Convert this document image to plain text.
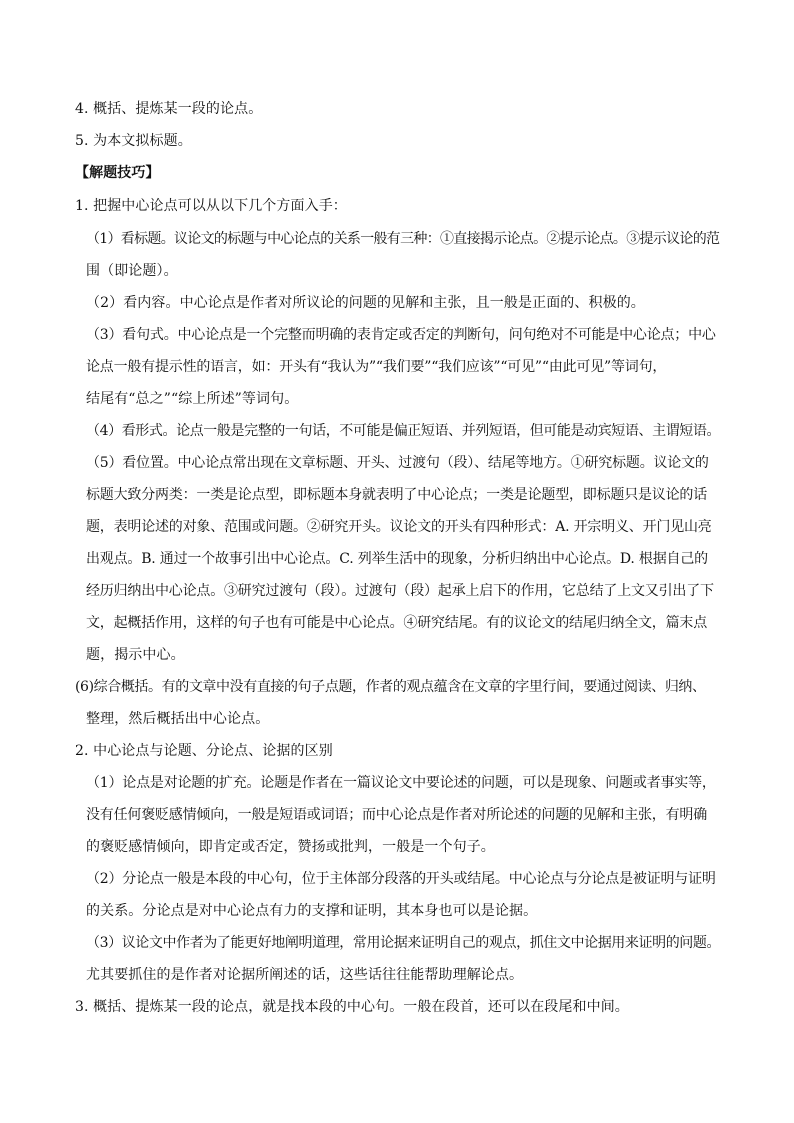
4. 概括、提炼某一段的论点。
5. 为本文拟标题。
【解题技巧】
1. 把握中心论点可以从以下几个方面入手：
（1）看标题。议论文的标题与中心论点的关系一般有三种：①直接揭示论点。②提示论点。③提示议论的范
围（即论题）。
（2）看内容。中心论点是作者对所议论的问题的见解和主张，且一般是正面的、积极的。
（3）看句式。中心论点是一个完整而明确的表肯定或否定的判断句，问句绝对不可能是中心论点；中心
论点一般有提示性的语言，如：开头有“我认为”“我们要”“我们应该”“可见”“由此可见”等词句，
结尾有“总之”“综上所述”等词句。
（4）看形式。论点一般是完整的一句话，不可能是偏正短语、并列短语，但可能是动宾短语、主谓短语。
（5）看位置。中心论点常出现在文章标题、开头、过渡句（段）、结尾等地方。①研究标题。议论文的
标题大致分两类：一类是论点型，即标题本身就表明了中心论点；一类是论题型，即标题只是议论的话
题，表明论述的对象、范围或问题。②研究开头。议论文的开头有四种形式：A. 开宗明义、开门见山亮
出观点。B. 通过一个故事引出中心论点。C. 列举生活中的现象，分析归纳出中心论点。D. 根据自己的
经历归纳出中心论点。③研究过渡句（段）。过渡句（段）起承上启下的作用，它总结了上文又引出了下
文，起概括作用，这样的句子也有可能是中心论点。④研究结尾。有的议论文的结尾归纳全文，篇末点
题，揭示中心。
(6)综合概括。有的文章中没有直接的句子点题，作者的观点蕴含在文章的字里行间，要通过阅读、归纳、
整理，然后概括出中心论点。
2. 中心论点与论题、分论点、论据的区别
（1）论点是对论题的扩充。论题是作者在一篇议论文中要论述的问题，可以是现象、问题或者事实等，
没有任何褒贬感情倾向，一般是短语或词语；而中心论点是作者对所论述的问题的见解和主张，有明确
的褒贬感情倾向，即肯定或否定，赞扬或批判，一般是一个句子。
（2）分论点一般是本段的中心句，位于主体部分段落的开头或结尾。中心论点与分论点是被证明与证明
的关系。分论点是对中心论点有力的支撑和证明，其本身也可以是论据。
（3）议论文中作者为了能更好地阐明道理，常用论据来证明自己的观点，抓住文中论据用来证明的问题。
尤其要抓住的是作者对论据所阐述的话，这些话往往能帮助理解论点。
3. 概括、提炼某一段的论点，就是找本段的中心句。一般在段首，还可以在段尾和中间。
